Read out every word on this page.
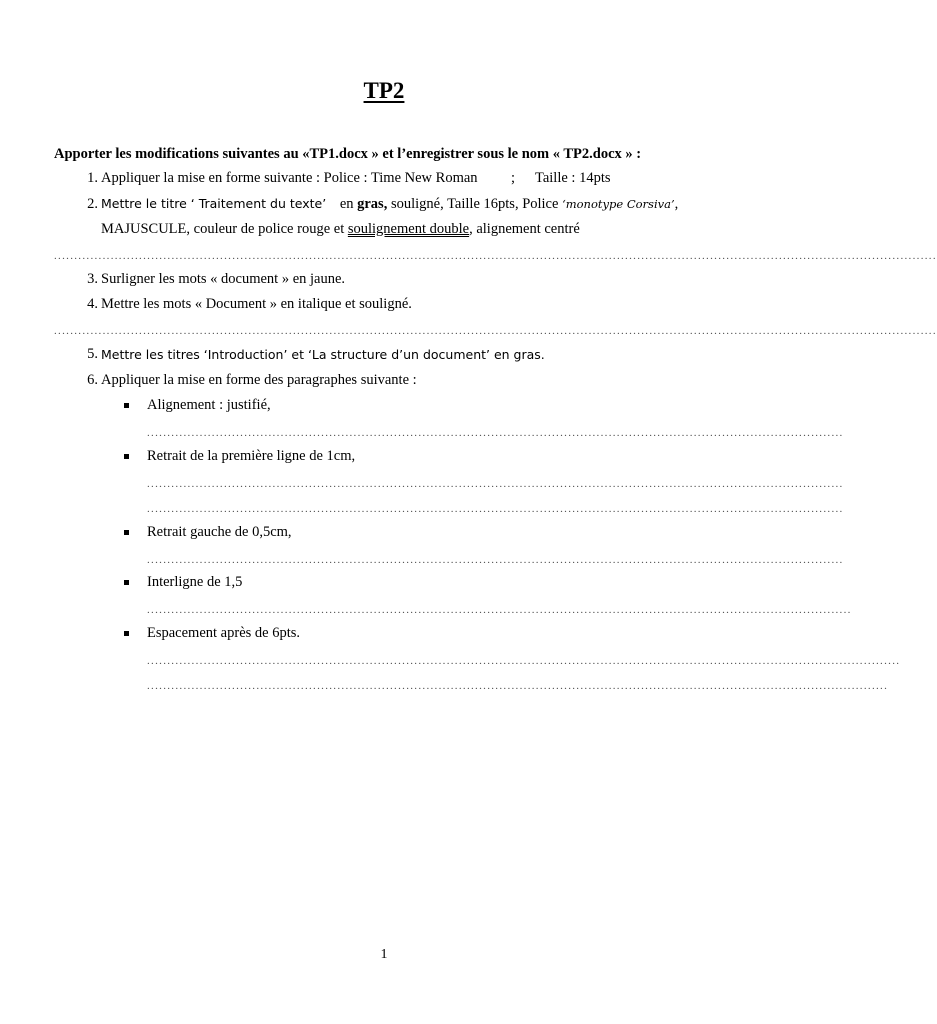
TP2
Apporter les modifications suivantes au «TP1.docx » et l’enregistrer sous le nom « TP2.docx » :
1. Appliquer la mise en forme suivante : Police : Time New Roman ; Taille : 14pts
2. Mettre le titre ‘ Traitement du texte’ en gras, souligné, Taille 16pts, Police ‘monotype Corsiva’,
MAJUSCULE, couleur de police rouge et soulignement double, alignement centré
..........................................................................................................................................................................................................................
3. Surligner les mots « document » en jaune.
4. Mettre les mots « Document » en italique et souligné.
..........................................................................................................................................................................................................................
5. Mettre les titres ‘Introduction’ et ‘La structure d’un document’ en gras.
6. Appliquer la mise en forme des paragraphes suivante :
Alignement : justifié,
............................................................................................................................................................................
Retrait de la première ligne de 1cm,
............................................................................................................................................................................
............................................................................................................................................................................
Retrait gauche de 0,5cm,
............................................................................................................................................................................
Interligne de 1,5
..............................................................................................................................................................................
Espacement après de 6pts.
..........................................................................................................................................................................................
.......................................................................................................................................................................................
1
